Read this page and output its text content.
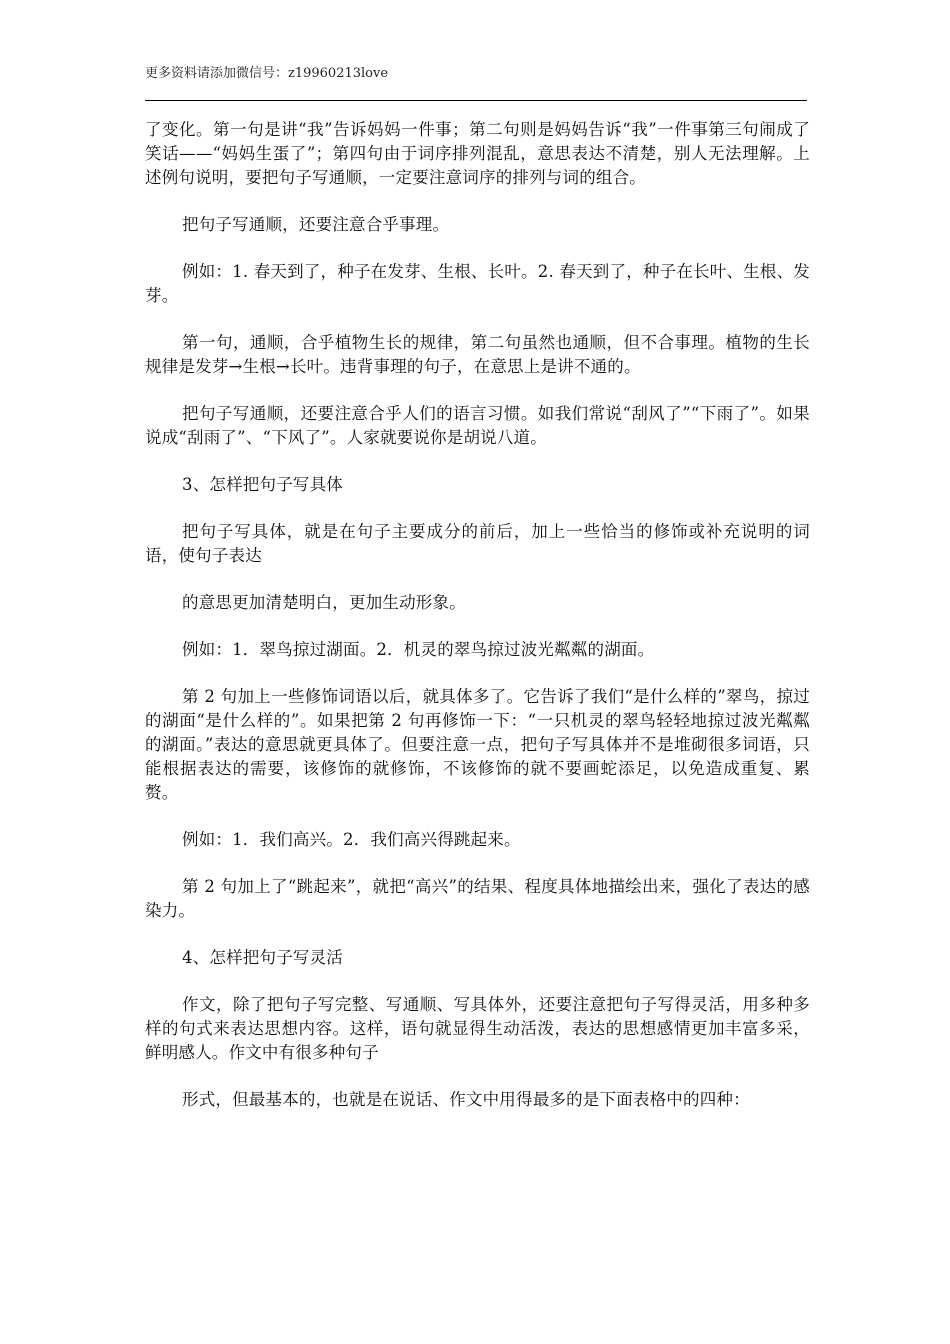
更多资料请添加微信号：z19960213love

了变化。第一句是讲“我”告诉妈妈一件事；第二句则是妈妈告诉“我”一件事第三句闹成了笑话——“妈妈生蛋了”；第四句由于词序排列混乱，意思表达不清楚，别人无法理解。上述例句说明，要把句子写通顺，一定要注意词序的排列与词的组合。

把句子写通顺，还要注意合乎事理。

例如：1. 春天到了，种子在发芽、生根、长叶。2. 春天到了，种子在长叶、生根、发芽。

第一句，通顺，合乎植物生长的规律，第二句虽然也通顺，但不合事理。植物的生长规律是发芽→生根→长叶。违背事理的句子，在意思上是讲不通的。

把句子写通顺，还要注意合乎人们的语言习惯。如我们常说“刮风了”“下雨了”。如果说成“刮雨了”、“下风了”。人家就要说你是胡说八道。

3、怎样把句子写具体

把句子写具体，就是在句子主要成分的前后，加上一些恰当的修饰或补充说明的词语，使句子表达

的意思更加清楚明白，更加生动形象。

例如：1．翠鸟掠过湖面。2．机灵的翠鸟掠过波光粼粼的湖面。

第 2 句加上一些修饰词语以后，就具体多了。它告诉了我们“是什么样的”翠鸟，掠过的湖面“是什么样的”。如果把第 2 句再修饰一下：“一只机灵的翠鸟轻轻地掠过波光粼粼的湖面。”表达的意思就更具体了。但要注意一点，把句子写具体并不是堆砌很多词语，只能根据表达的需要，该修饰的就修饰，不该修饰的就不要画蛇添足，以免造成重复、累赘。

例如：1．我们高兴。2．我们高兴得跳起来。

第 2 句加上了“跳起来”，就把“高兴”的结果、程度具体地描绘出来，强化了表达的感染力。

4、怎样把句子写灵活

作文，除了把句子写完整、写通顺、写具体外，还要注意把句子写得灵活，用多种多样的句式来表达思想内容。这样，语句就显得生动活泼，表达的思想感情更加丰富多采，鲜明感人。作文中有很多种句子

形式，但最基本的，也就是在说话、作文中用得最多的是下面表格中的四种：
